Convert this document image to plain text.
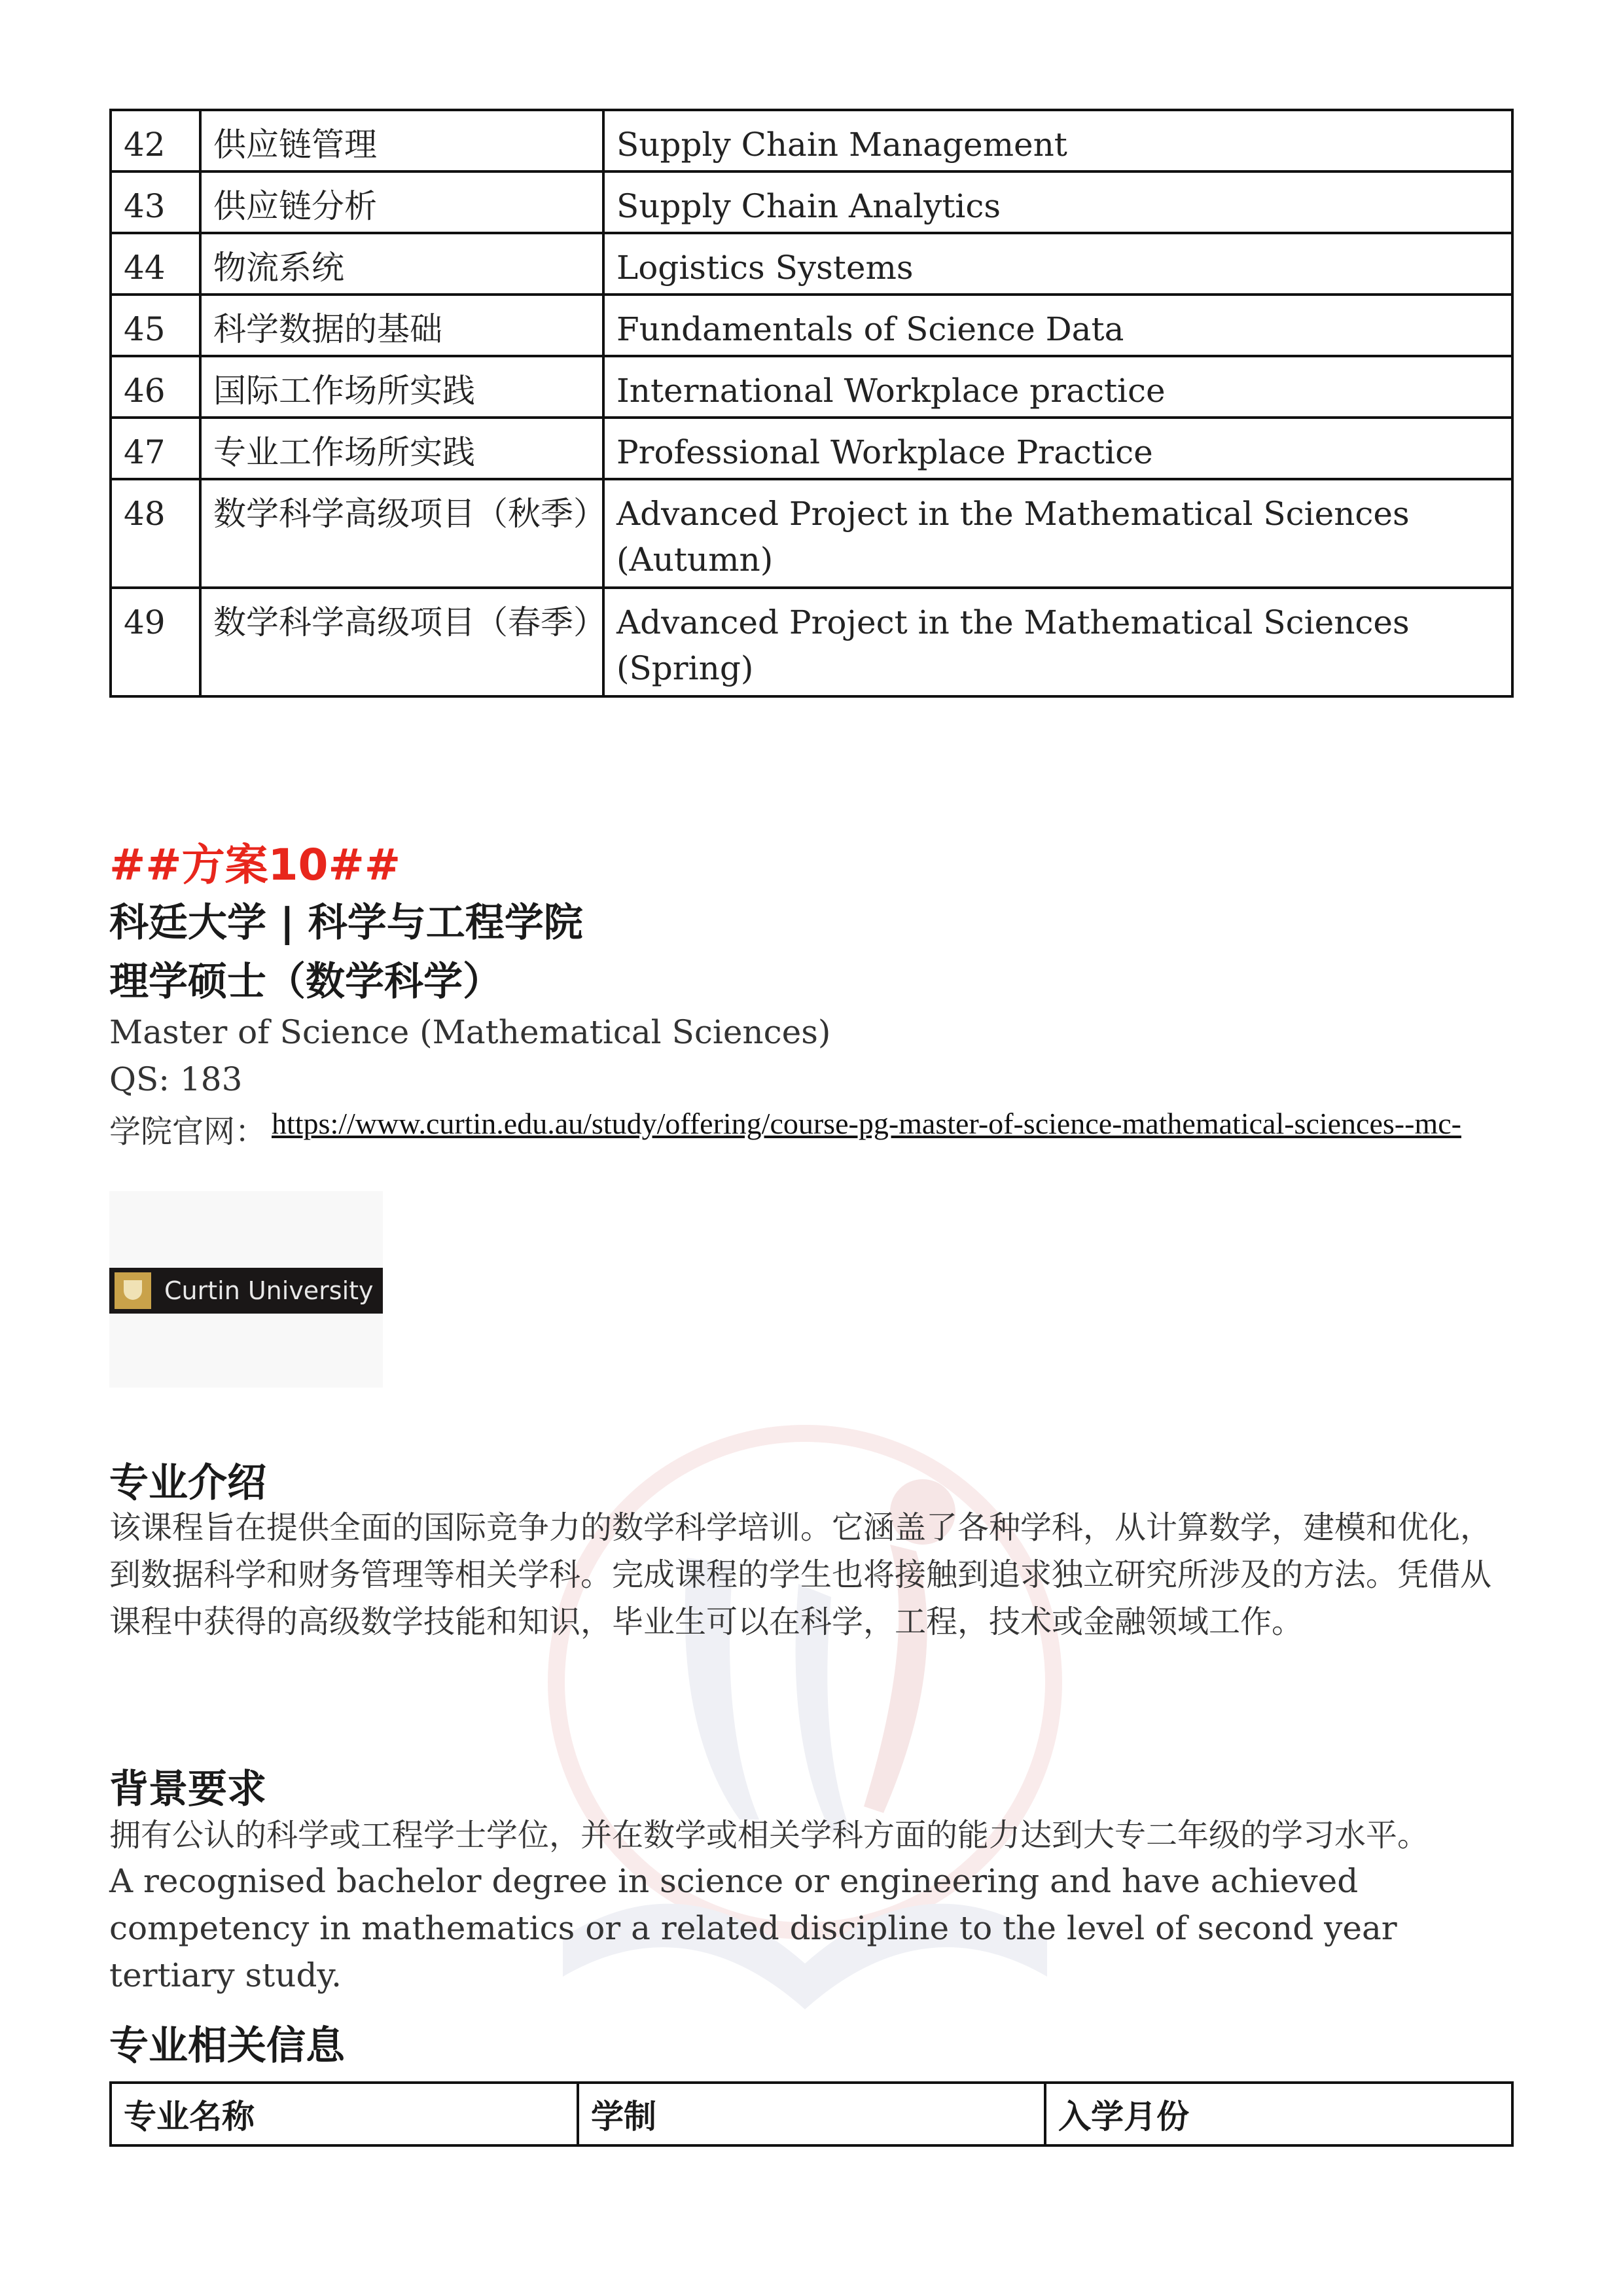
42	供应链管理	Supply Chain Management
43	供应链分析	Supply Chain Analytics
44	物流系统	Logistics Systems
45	科学数据的基础	Fundamentals of Science Data
46	国际工作场所实践	International Workplace practice
47	专业工作场所实践	Professional Workplace Practice
48	数学科学高级项目（秋季）	Advanced Project in the Mathematical Sciences (Autumn)
49	数学科学高级项目（春季）	Advanced Project in the Mathematical Sciences (Spring)
##方案10##
科廷大学 | 科学与工程学院
理学硕士（数学科学）
Master of Science (Mathematical Sciences)
QS: 183
学院官网： https://www.curtin.edu.au/study/offering/course-pg-master-of-science-mathematical-sciences--mc-
Curtin University
专业介绍
该课程旨在提供全面的国际竞争力的数学科学培训。它涵盖了各种学科，从计算数学，建模和优化，到数据科学和财务管理等相关学科。完成课程的学生也将接触到追求独立研究所涉及的方法。凭借从课程中获得的高级数学技能和知识，毕业生可以在科学，工程，技术或金融领域工作。
背景要求
拥有公认的科学或工程学士学位，并在数学或相关学科方面的能力达到大专二年级的学习水平。
A recognised bachelor degree in science or engineering and have achieved competency in mathematics or a related discipline to the level of second year tertiary study.
专业相关信息
专业名称	学制	入学月份
